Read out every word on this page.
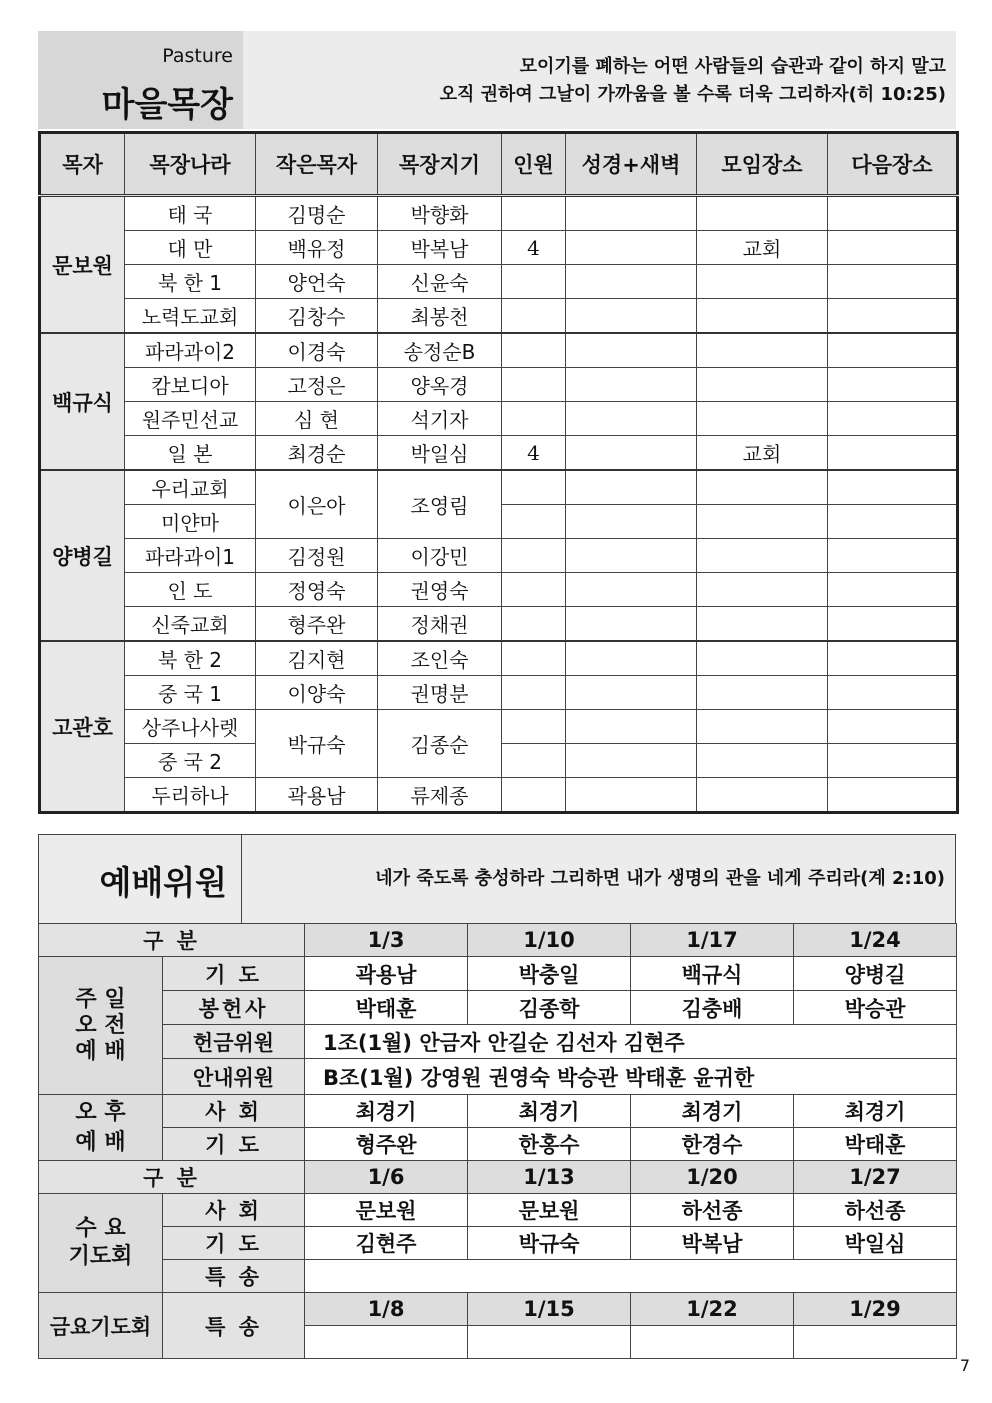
Pasture
마을목장
모이기를 폐하는 어떤 사람들의 습관과 같이 하지 말고
오직 권하여 그날이 가까움을 볼 수록 더욱 그리하자(히 10:25)
목자	목장나라	작은목자	목장지기	인원	성경+새벽	모임장소	다음장소
문보원	태 국	김명순	박향화				
	대 만	백유정	박복남	4		교회	
	북 한 1	양언숙	신윤숙				
	노력도교회	김창수	최봉천				
백규식	파라과이2	이경숙	송정순B				
	캄보디아	고정은	양옥경				
	원주민선교	심 현	석기자				
	일 본	최경순	박일심	4		교회	
양병길	우리교회	이은아	조영림				
	미얀마						
	파라과이1	김정원	이강민				
	인 도	정영숙	권영숙				
	신죽교회	형주완	정채권				
고관호	북 한 2	김지현	조인숙				
	중 국 1	이양숙	권명분				
	상주나사렛	박규숙	김종순				
	중 국 2						
	두리하나	곽용남	류제종				
예배위원	네가 죽도록 충성하라 그리하면 내가 생명의 관을 네게 주리라(계 2:10)
구 분		1/3	1/10	1/17	1/24
주 일
오 전
예 배	기 도	곽용남	박충일	백규식	양병길
	봉헌사	박태훈	김종학	김충배	박승관
	헌금위원	1조(1월) 안금자 안길순 김선자 김현주			
	안내위원	B조(1월) 강영원 권영숙 박승관 박태훈 윤귀한			
오 후
예 배	사 회	최경기	최경기	최경기	최경기
	기 도	형주완	한홍수	한경수	박태훈
구 분		1/6	1/13	1/20	1/27
수 요
기도회	사 회	문보원	문보원	하선종	하선종
	기 도	김현주	박규숙	박복남	박일심
	특 송				
금요기도회	특 송	1/8	1/15	1/22	1/29

7
